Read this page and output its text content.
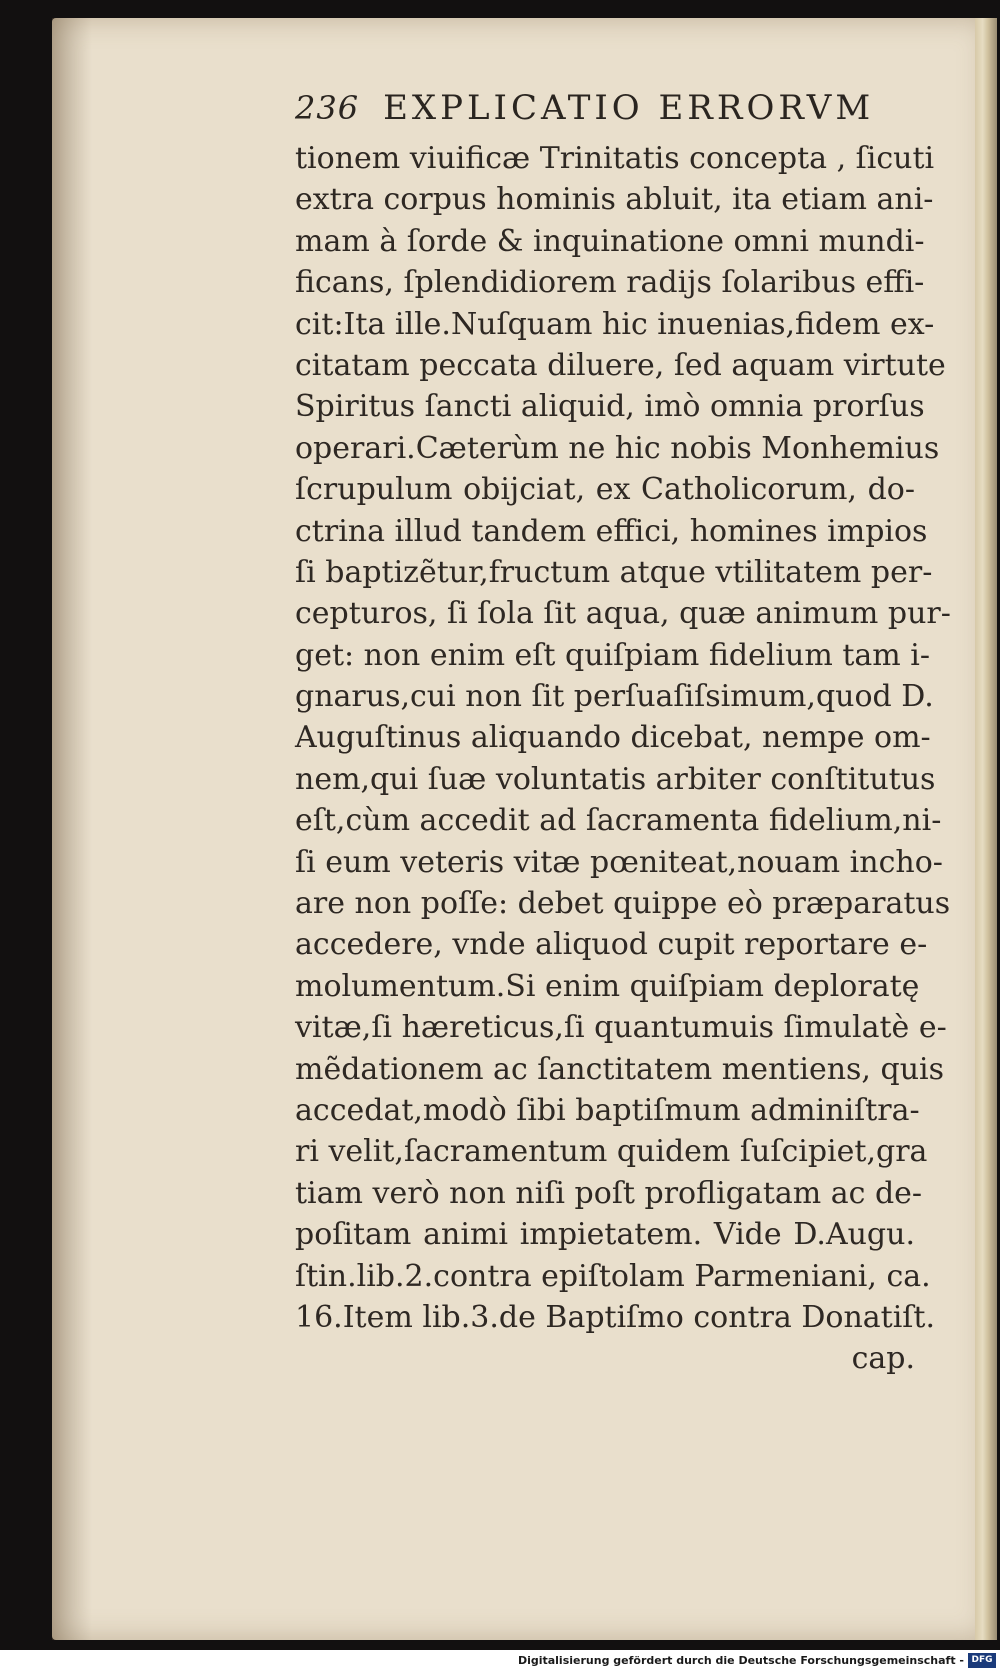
236 EXPLICATIO ERRORVM
tionem viuificæ Trinitatis concepta , ſicuti
extra corpus hominis abluit, ita etiam ani-
mam à ſorde & inquinatione omni mundi-
ficans, ſplendidiorem radijs ſolaribus effi-
cit:Ita ille.Nuſquam hic inuenias,fidem ex-
citatam peccata diluere, ſed aquam virtute
Spiritus ſancti aliquid, imò omnia prorſus
operari.Cæterùm ne hic nobis Monhemius
ſcrupulum obijciat, ex Catholicorum, do-
ctrina illud tandem effici, homines impios
ſi baptizẽtur,fructum atque vtilitatem per-
cepturos, ſi ſola ſit aqua, quæ animum pur-
get: non enim eſt quiſpiam fidelium tam i-
gnarus,cui non ſit perſuaſiſsimum,quod D.
Auguſtinus aliquando dicebat, nempe om-
nem,qui ſuæ voluntatis arbiter conſtitutus
eſt,cùm accedit ad ſacramenta fidelium,ni-
ſi eum veteris vitæ pœniteat,nouam incho-
are non poſſe: debet quippe eò præparatus
accedere, vnde aliquod cupit reportare e-
molumentum.Si enim quiſpiam deploratę
vitæ,ſi hæreticus,ſi quantumuis ſimulatè e-
mẽdationem ac ſanctitatem mentiens, quis
accedat,modò ſibi baptiſmum adminiſtra-
ri velit,ſacramentum quidem ſuſcipiet,gra
tiam verò non niſi poſt profligatam ac de-
poſitam animi impietatem. Vide D.Augu.
ſtin.lib.2.contra epiſtolam Parmeniani, ca.
16.Item lib.3.de Baptiſmo contra Donatiſt.
cap.
Digitalisierung gefördert durch die Deutsche Forschungsgemeinschaft - DFG
